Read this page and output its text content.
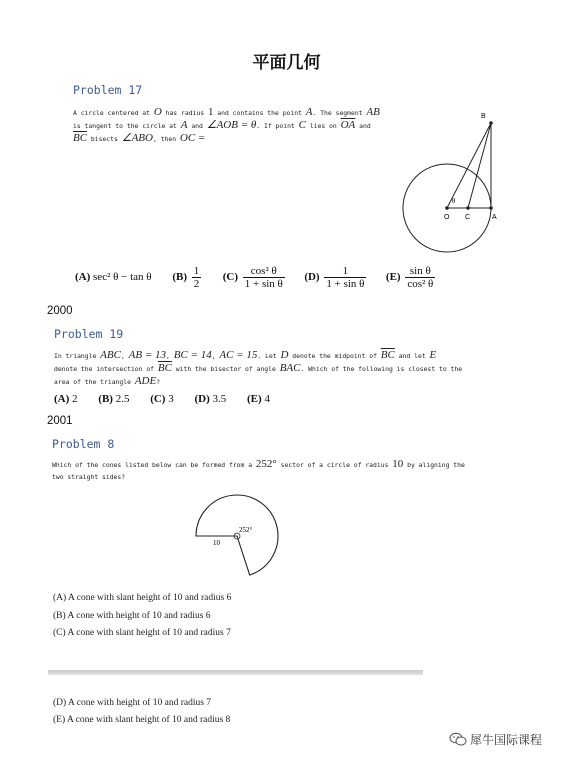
平面几何
Problem 17
A circle centered at O has radius 1 and contains the point A. The segment AB
is tangent to the circle at A and ∠AOB = θ. If point C lies on $\overline{OA}$ and
$\overline{BC}$ bisects ∠ABO, then OC =
B
O C	A
θ
(A) sec² θ − tan θ $(B) \frac{1}{2} (C) \frac{\text{cos² θ}}{\text{1 + sin θ}} (D) \frac{1}{\text{1 + sin θ}} (E) \frac{\text{sin θ}}{\text{cos² θ}}$
2000
Problem 19
In triangle ABC, AB = 13, BC = 14, AC = 15. Let D denote the midpoint of $\overline{BC}$ and let E
denote the intersection of $\overline{BC}$ with the bisector of angle BAC. Which of the following is closest to the
area of the triangle ADE?
(A) 2 (B) 2.5 (C) 3 (D) 3.5 (E) 4
2001
Problem 8
Which of the cones listed below can be formed from a 252° sector of a circle of radius 10 by aligning the
two straight sides?
252°
10
(A) A cone with slant height of 10 and radius 6
(B) A cone with height of 10 and radius 6
(C) A cone with slant height of 10 and radius 7
(D) A cone with height of 10 and radius 7
(E) A cone with slant height of 10 and radius 8
犀牛国际课程
